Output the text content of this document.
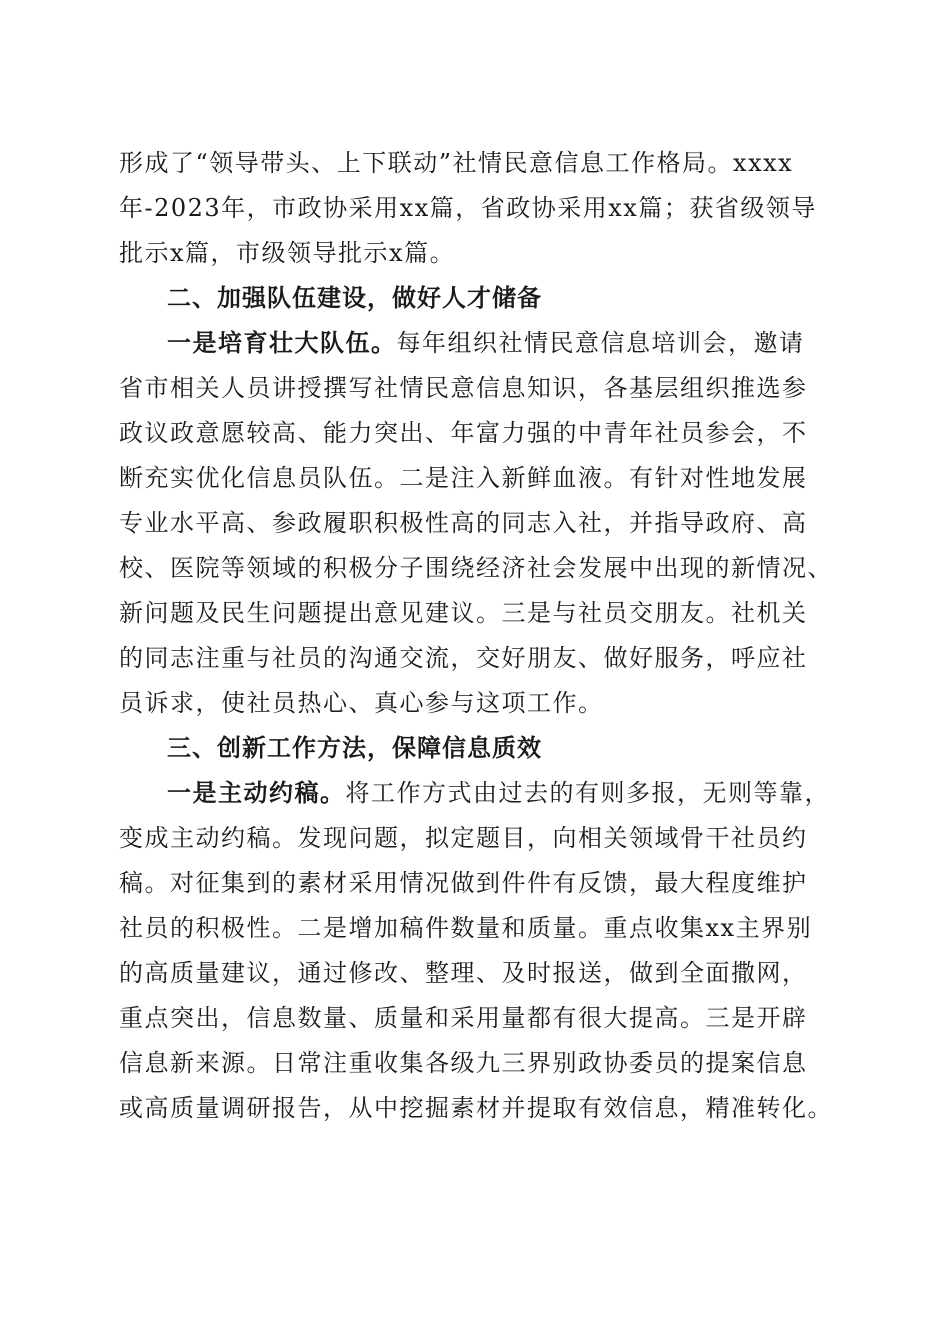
形成了“领导带头、上下联动”社情民意信息工作格局。xxxx
年-2023年，市政协采用xx篇，省政协采用xx篇；获省级领导
批示x篇，市级领导批示x篇。
二、加强队伍建设，做好人才储备
一是培育壮大队伍。每年组织社情民意信息培训会，邀请
省市相关人员讲授撰写社情民意信息知识，各基层组织推选参
政议政意愿较高、能力突出、年富力强的中青年社员参会，不
断充实优化信息员队伍。二是注入新鲜血液。有针对性地发展
专业水平高、参政履职积极性高的同志入社，并指导政府、高
校、医院等领域的积极分子围绕经济社会发展中出现的新情况、
新问题及民生问题提出意见建议。三是与社员交朋友。社机关
的同志注重与社员的沟通交流，交好朋友、做好服务，呼应社
员诉求，使社员热心、真心参与这项工作。
三、创新工作方法，保障信息质效
一是主动约稿。将工作方式由过去的有则多报，无则等靠，
变成主动约稿。发现问题，拟定题目，向相关领域骨干社员约
稿。对征集到的素材采用情况做到件件有反馈，最大程度维护
社员的积极性。二是增加稿件数量和质量。重点收集xx主界别
的高质量建议，通过修改、整理、及时报送，做到全面撒网，
重点突出，信息数量、质量和采用量都有很大提高。三是开辟
信息新来源。日常注重收集各级九三界别政协委员的提案信息
或高质量调研报告，从中挖掘素材并提取有效信息，精准转化。
